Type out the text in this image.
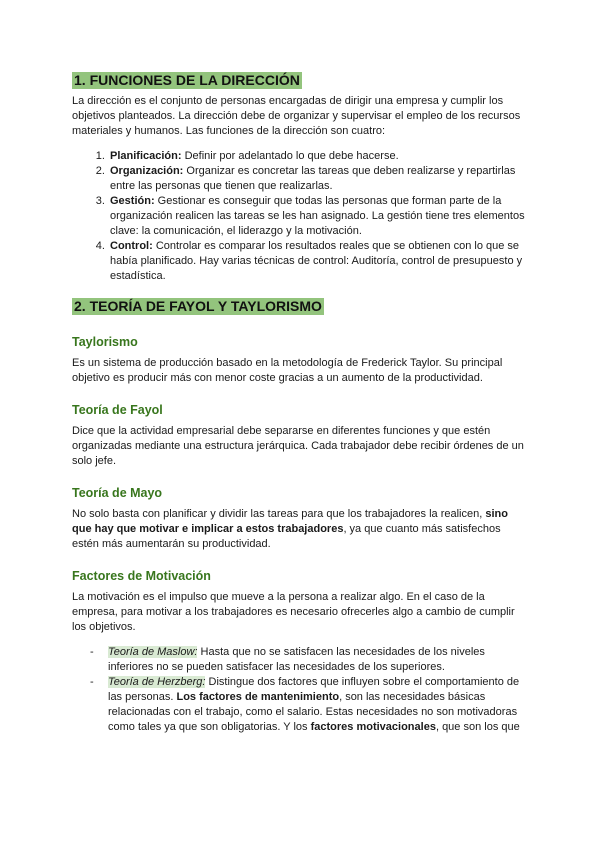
1. FUNCIONES DE LA DIRECCIÓN

La dirección es el conjunto de personas encargadas de dirigir una empresa y cumplir los objetivos planteados. La dirección debe de organizar y supervisar el empleo de los recursos materiales y humanos. Las funciones de la dirección son cuatro:

1. Planificación: Definir por adelantado lo que debe hacerse.
2. Organización: Organizar es concretar las tareas que deben realizarse y repartirlas entre las personas que tienen que realizarlas.
3. Gestión: Gestionar es conseguir que todas las personas que forman parte de la organización realicen las tareas se les han asignado. La gestión tiene tres elementos clave: la comunicación, el liderazgo y la motivación.
4. Control: Controlar es comparar los resultados reales que se obtienen con lo que se había planificado. Hay varias técnicas de control: Auditoría, control de presupuesto y estadística.
2. TEORÍA DE FAYOL Y TAYLORISMO
Taylorismo

Es un sistema de producción basado en la metodología de Frederick Taylor. Su principal objetivo es producir más con menor coste gracias a un aumento de la productividad.

Teoría de Fayol

Dice que la actividad empresarial debe separarse en diferentes funciones y que estén organizadas mediante una estructura jerárquica. Cada trabajador debe recibir órdenes de un solo jefe.

Teoría de Mayo

No solo basta con planificar y dividir las tareas para que los trabajadores la realicen, sino que hay que motivar e implicar a estos trabajadores, ya que cuanto más satisfechos estén más aumentarán su productividad.

Factores de Motivación

La motivación es el impulso que mueve a la persona a realizar algo. En el caso de la empresa, para motivar a los trabajadores es necesario ofrecerles algo a cambio de cumplir los objetivos.

- Teoría de Maslow: Hasta que no se satisfacen las necesidades de los niveles inferiores no se pueden satisfacer las necesidades de los superiores.
- Teoría de Herzberg: Distingue dos factores que influyen sobre el comportamiento de las personas. Los factores de mantenimiento, son las necesidades básicas relacionadas con el trabajo, como el salario. Estas necesidades no son motivadoras como tales ya que son obligatorias. Y los factores motivacionales, que son los que
